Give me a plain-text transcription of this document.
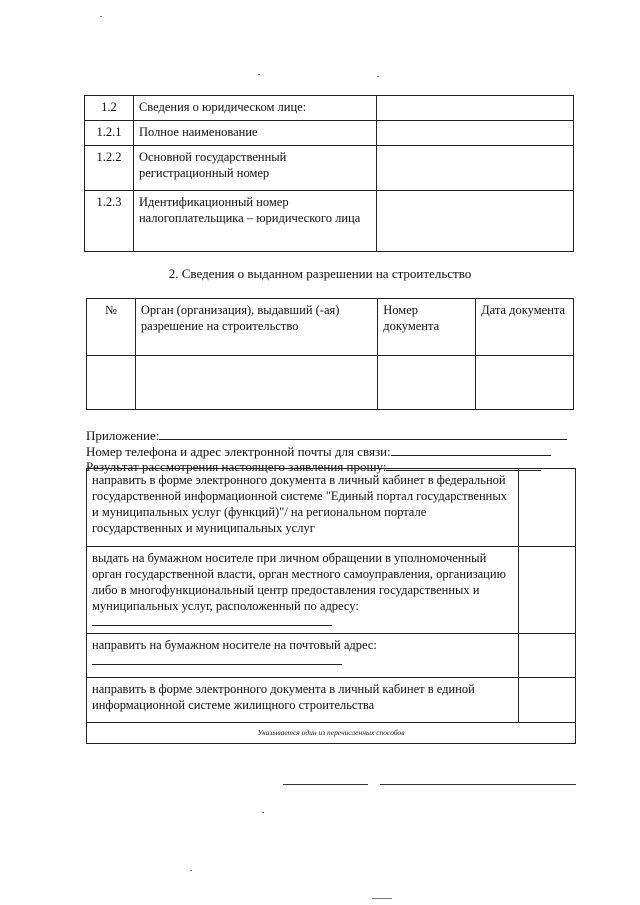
1.2	Сведения о юридическом лице:	
1.2.1	Полное наименование	
1.2.2	Основной государственный регистрационный номер	
1.2.3	Идентификационный номер налогоплательщика – юридического лица	
2. Сведения о выданном разрешении на строительство
№	Орган (организация), выдавший (-ая) разрешение на строительство	Номер документа	Дата документа

Приложение:
Номер телефона и адрес электронной почты для связи:
Результат рассмотрения настоящего заявления прошу:
направить в форме электронного документа в личный кабинет в федеральной государственной информационной системе "Единый портал государственных и муниципальных услуг (функций)"/ на региональном портале государственных и муниципальных услуг	
выдать на бумажном носителе при личном обращении в уполномоченный орган государственной власти, орган местного самоуправления, организацию либо в многофункциональный центр предоставления государственных и муниципальных услуг, расположенный по адресу:	
направить на бумажном носителе на почтовый адрес:	
направить в форме электронного документа в личный кабинет в единой информационной системе жилищного строительства	
Указывается один из перечисленных способов	
